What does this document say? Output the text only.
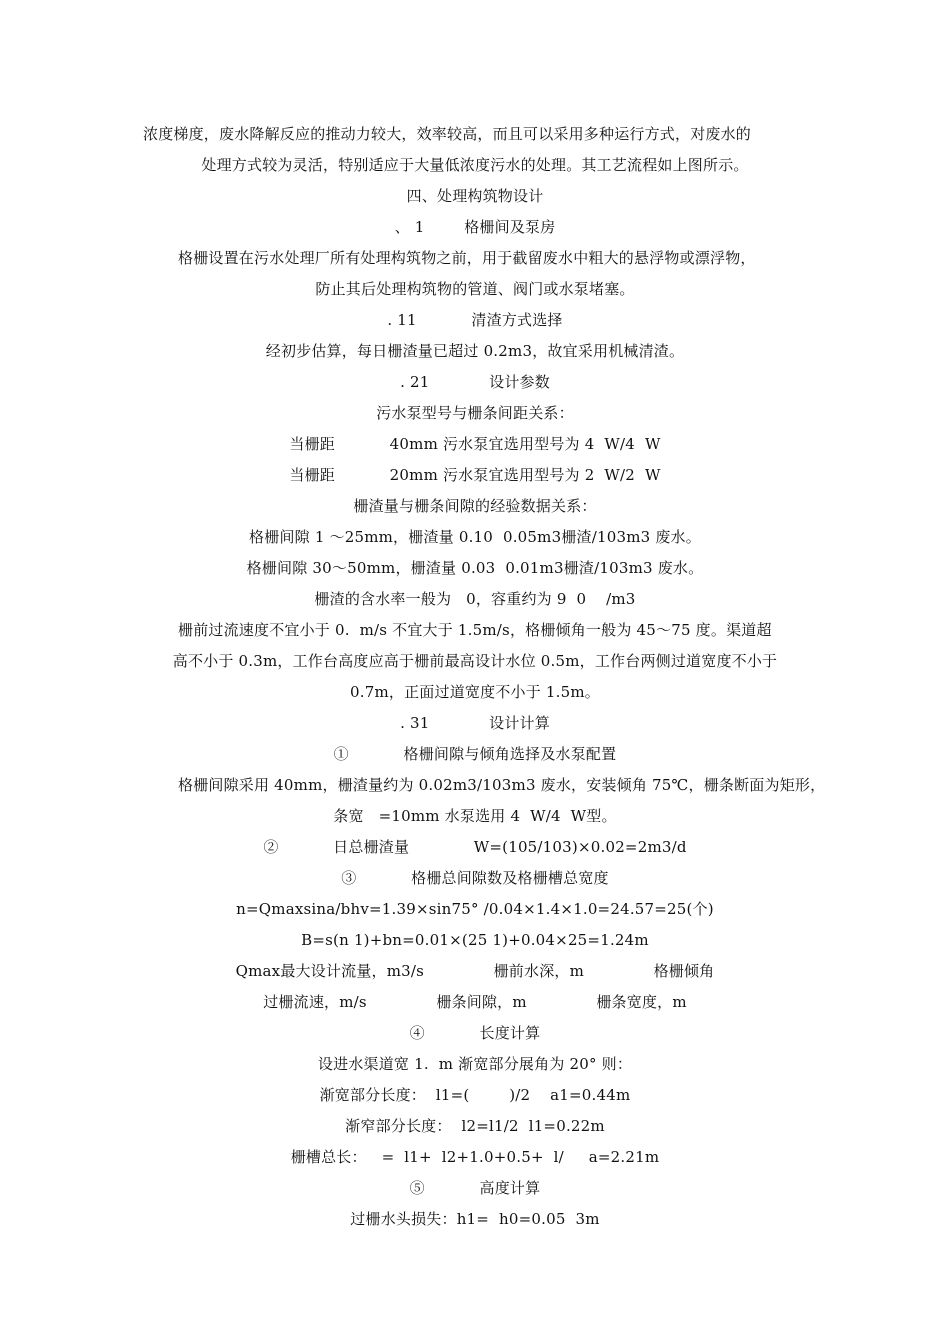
浓度梯度，废水降解反应的推动力较大，效率较高，而且可以采用多种运行方式，对废水的
处理方式较为灵活，特别适应于大量低浓度污水的处理。其工艺流程如上图所示。
四、处理构筑物设计
、 1        格栅间及泵房
格栅设置在污水处理厂所有处理构筑物之前，用于截留废水中粗大的悬浮物或漂浮物，
防止其后处理构筑物的管道、阀门或水泵堵塞。
. 11           清渣方式选择
经初步估算，每日栅渣量已超过 0.2m3，故宜采用机械清渣。
. 21            设计参数
污水泵型号与栅条间距关系：
当栅距           40mm 污水泵宜选用型号为 4  W/4  W
当栅距           20mm 污水泵宜选用型号为 2  W/2  W
栅渣量与栅条间隙的经验数据关系：
格栅间隙 1 ～25mm，栅渣量 0.10  0.05m3栅渣/103m3 废水。
格栅间隙 30～50mm，栅渣量 0.03  0.01m3栅渣/103m3 废水。
栅渣的含水率一般为   0，容重约为 9  0    /m3
栅前过流速度不宜小于 0.  m/s 不宜大于 1.5m/s，格栅倾角一般为 45～75 度。渠道超
高不小于 0.3m，工作台高度应高于栅前最高设计水位 0.5m，工作台两侧过道宽度不小于
0.7m，正面过道宽度不小于 1.5m。
. 31            设计计算
①           格栅间隙与倾角选择及水泵配置
格栅间隙采用 40mm，栅渣量约为 0.02m3/103m3 废水，安装倾角 75℃，栅条断面为矩形，
条宽   =10mm 水泵选用 4  W/4  W型。
②           日总栅渣量             W=(105/103)×0.02=2m3/d
③           格栅总间隙数及格栅槽总宽度
n=Qmaxsina/bhv=1.39×sin75° /0.04×1.4×1.0=24.57=25(个)
B=s(n 1)+bn=0.01×(25 1)+0.04×25=1.24m
Qmax最大设计流量，m3/s              栅前水深，m              格栅倾角
过栅流速，m/s              栅条间隙，m              栅条宽度，m
④           长度计算
设进水渠道宽 1.  m 渐宽部分展角为 20° 则：
渐宽部分长度：  l1=(        )/2    a1=0.44m
渐窄部分长度：  l2=l1/2  l1=0.22m
栅槽总长：   =  l1+  l2+1.0+0.5+  l/     a=2.21m
⑤           高度计算
过栅水头损失：h1=  h0=0.05  3m
